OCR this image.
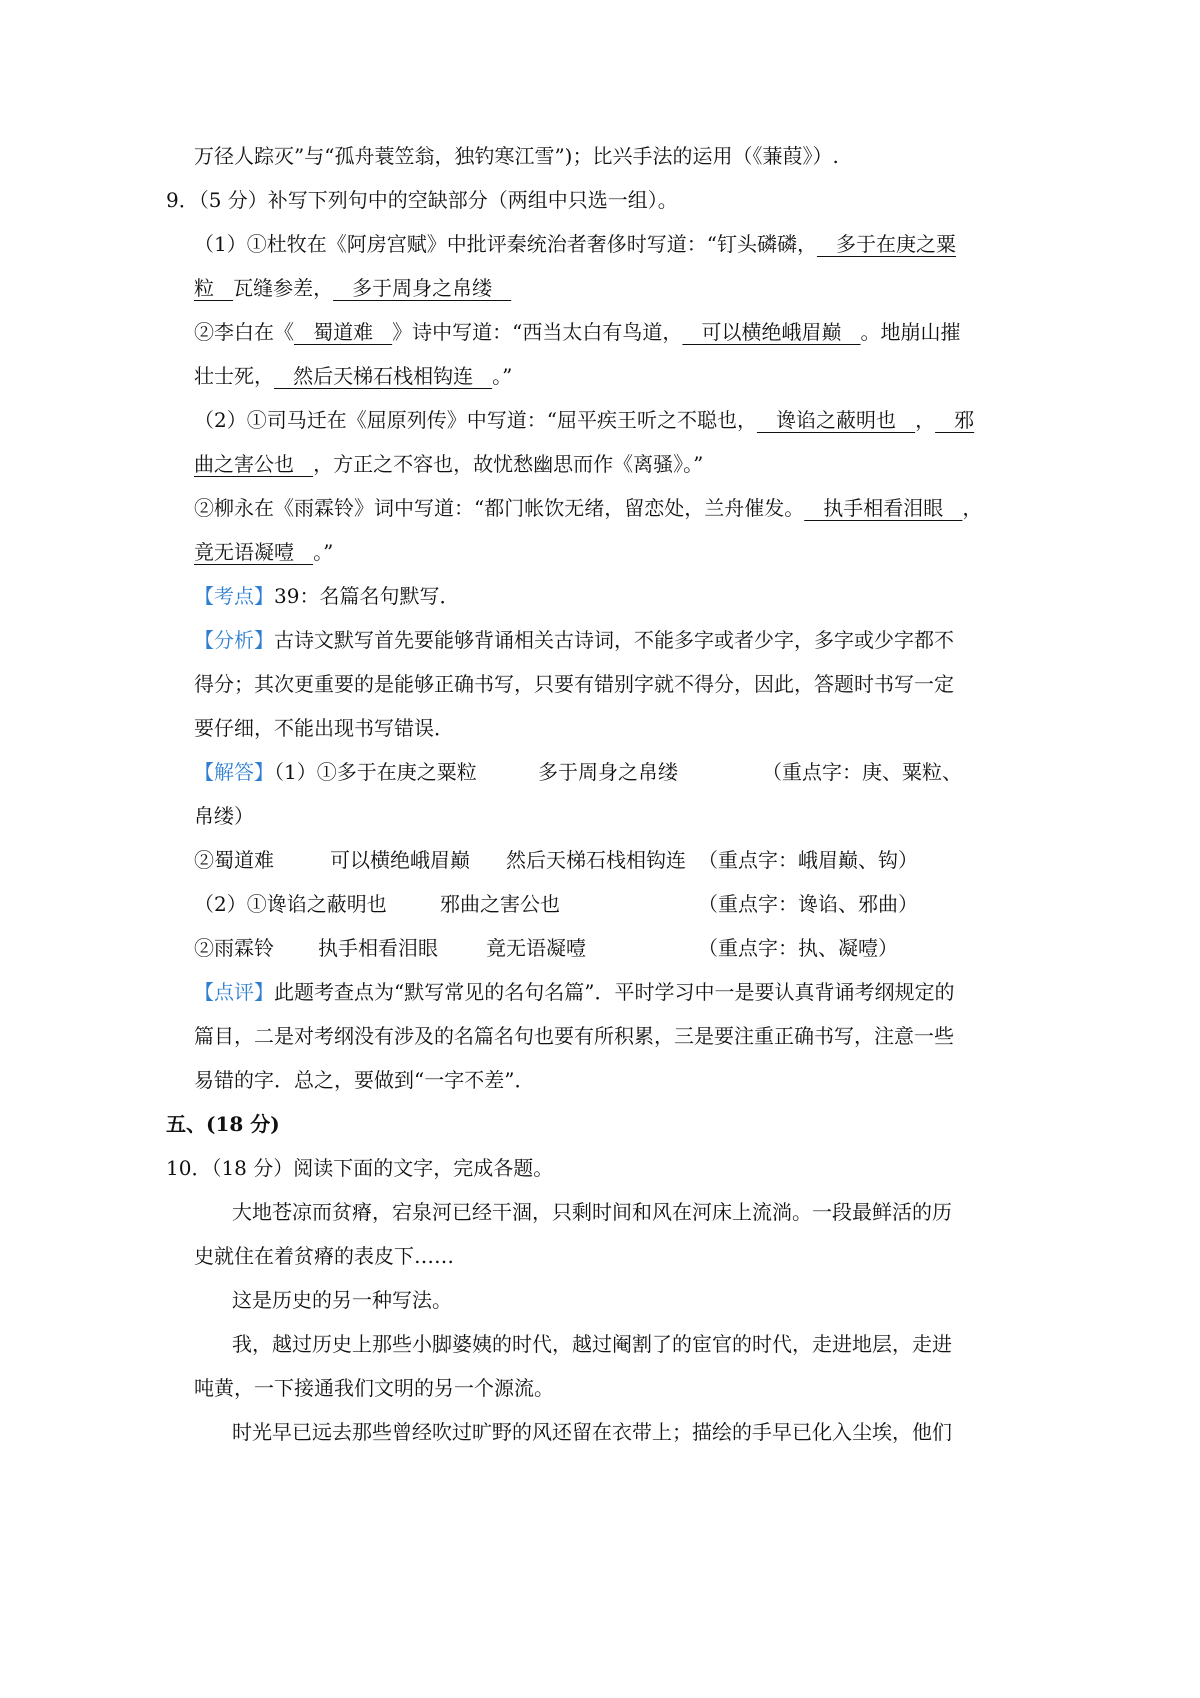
万径人踪灭”与“孤舟蓑笠翁，独钓寒江雪”)；比兴手法的运用（《蒹葭》）.
9．（5 分）补写下列句中的空缺部分（两组中只选一组）。
（1）①杜牧在《阿房宫赋》中批评秦统治者奢侈时写道：“钉头磷磷，   多于在庚之粟
粒   瓦缝参差，   多于周身之帛缕
②李白在《   蜀道难   》诗中写道：“西当太白有鸟道，   可以横绝峨眉巅   。地崩山摧
壮士死，   然后天梯石栈相钩连   。”
（2）①司马迁在《屈原列传》中写道：“屈平疾王听之不聪也，   谗谄之蔽明也   ，   邪
曲之害公也   ，方正之不容也，故忧愁幽思而作《离骚》。”
②柳永在《雨霖铃》词中写道：“都门帐饮无绪，留恋处，兰舟催发。   执手相看泪眼   ，
竟无语凝噎   。”
【考点】39：名篇名句默写．
【分析】古诗文默写首先要能够背诵相关古诗词，不能多字或者少字，多字或少字都不
得分；其次更重要的是能够正确书写，只要有错别字就不得分，因此，答题时书写一定
要仔细，不能出现书写错误．
【解答】（1）①多于在庚之粟粒	多于周身之帛缕	（重点字：庚、粟粒、
帛缕）
②蜀道难	可以横绝峨眉巅 然后天梯石栈相钩连 （重点字：峨眉巅、钩）
（2）①谗谄之蔽明也	邪曲之害公也	（重点字：谗谄、邪曲）
②雨霖铃 执手相看泪眼 竟无语凝噎	（重点字：执、凝噎）
【点评】此题考查点为“默写常见的名句名篇”．平时学习中一是要认真背诵考纲规定的
篇目，二是对考纲没有涉及的名篇名句也要有所积累，三是要注重正确书写，注意一些
易错的字．总之，要做到“一字不差”．
五、(18 分)
10．（18 分）阅读下面的文字，完成各题。
大地苍凉而贫瘠，宕泉河已经干涸，只剩时间和风在河床上流淌。一段最鲜活的历
史就住在着贫瘠的表皮下……
这是历史的另一种写法。
我，越过历史上那些小脚婆姨的时代，越过阉割了的宦官的时代，走进地层，走进
吨黄，一下接通我们文明的另一个源流。
时光早已远去那些曾经吹过旷野的风还留在衣带上；描绘的手早已化入尘埃，他们
